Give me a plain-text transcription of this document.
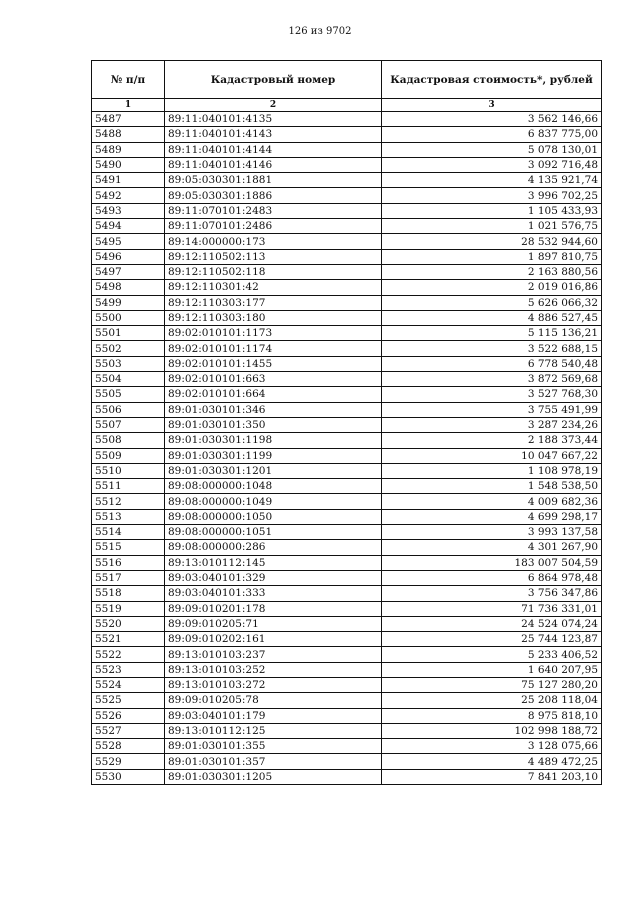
126 из 9702
№ п/п	Кадастровый номер	Кадастровая стоимость*, рублей
1	2	3
5487	89:11:040101:4135	3 562 146,66
5488	89:11:040101:4143	6 837 775,00
5489	89:11:040101:4144	5 078 130,01
5490	89:11:040101:4146	3 092 716,48
5491	89:05:030301:1881	4 135 921,74
5492	89:05:030301:1886	3 996 702,25
5493	89:11:070101:2483	1 105 433,93
5494	89:11:070101:2486	1 021 576,75
5495	89:14:000000:173	28 532 944,60
5496	89:12:110502:113	1 897 810,75
5497	89:12:110502:118	2 163 880,56
5498	89:12:110301:42	2 019 016,86
5499	89:12:110303:177	5 626 066,32
5500	89:12:110303:180	4 886 527,45
5501	89:02:010101:1173	5 115 136,21
5502	89:02:010101:1174	3 522 688,15
5503	89:02:010101:1455	6 778 540,48
5504	89:02:010101:663	3 872 569,68
5505	89:02:010101:664	3 527 768,30
5506	89:01:030101:346	3 755 491,99
5507	89:01:030101:350	3 287 234,26
5508	89:01:030301:1198	2 188 373,44
5509	89:01:030301:1199	10 047 667,22
5510	89:01:030301:1201	1 108 978,19
5511	89:08:000000:1048	1 548 538,50
5512	89:08:000000:1049	4 009 682,36
5513	89:08:000000:1050	4 699 298,17
5514	89:08:000000:1051	3 993 137,58
5515	89:08:000000:286	4 301 267,90
5516	89:13:010112:145	183 007 504,59
5517	89:03:040101:329	6 864 978,48
5518	89:03:040101:333	3 756 347,86
5519	89:09:010201:178	71 736 331,01
5520	89:09:010205:71	24 524 074,24
5521	89:09:010202:161	25 744 123,87
5522	89:13:010103:237	5 233 406,52
5523	89:13:010103:252	1 640 207,95
5524	89:13:010103:272	75 127 280,20
5525	89:09:010205:78	25 208 118,04
5526	89:03:040101:179	8 975 818,10
5527	89:13:010112:125	102 998 188,72
5528	89:01:030101:355	3 128 075,66
5529	89:01:030101:357	4 489 472,25
5530	89:01:030301:1205	7 841 203,10
